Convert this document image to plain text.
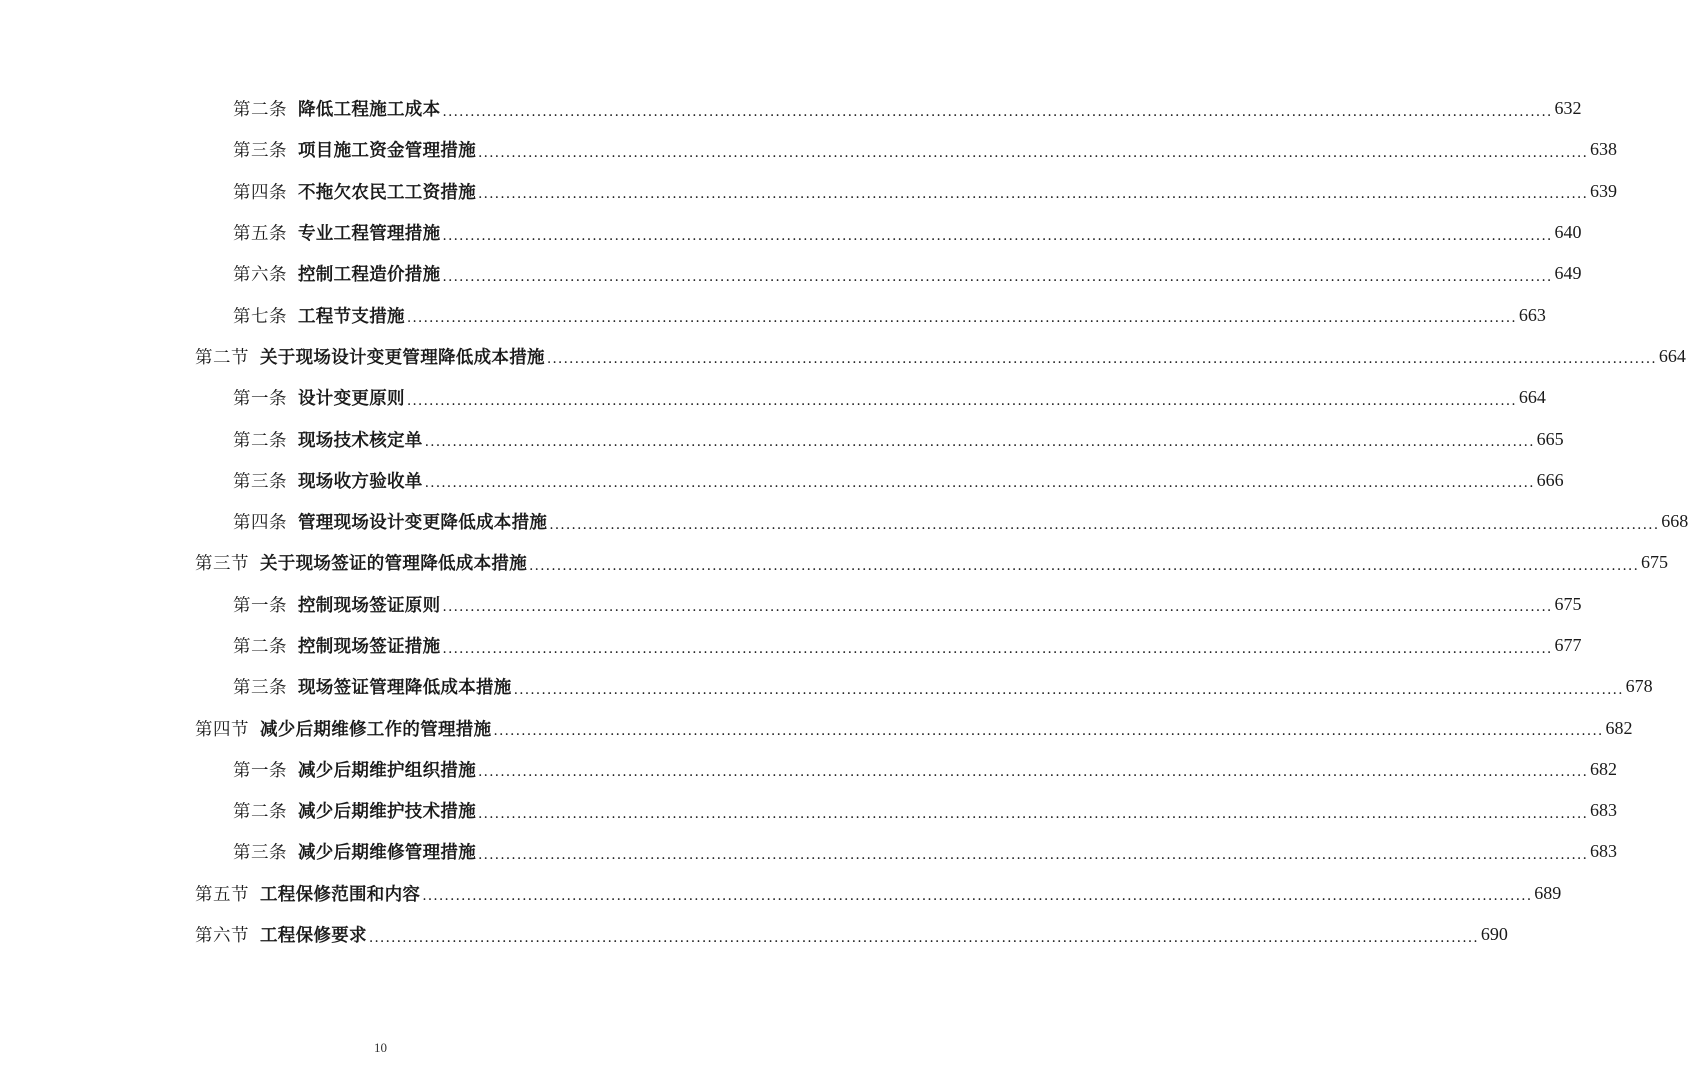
第二条 降低工程施工成本 ........................................................................................................................................................................................................ 632
第三条 项目施工资金管理措施 ........................................................................................................................................................................................................ 638
第四条 不拖欠农民工工资措施 ........................................................................................................................................................................................................ 639
第五条 专业工程管理措施 ........................................................................................................................................................................................................ 640
第六条 控制工程造价措施 ........................................................................................................................................................................................................ 649
第七条 工程节支措施 ........................................................................................................................................................................................................ 663
第二节 关于现场设计变更管理降低成本措施 ........................................................................................................................................................................................................ 664
第一条 设计变更原则 ........................................................................................................................................................................................................ 664
第二条 现场技术核定单 ........................................................................................................................................................................................................ 665
第三条 现场收方验收单 ........................................................................................................................................................................................................ 666
第四条 管理现场设计变更降低成本措施 ........................................................................................................................................................................................................ 668
第三节 关于现场签证的管理降低成本措施 ........................................................................................................................................................................................................ 675
第一条 控制现场签证原则 ........................................................................................................................................................................................................ 675
第二条 控制现场签证措施 ........................................................................................................................................................................................................ 677
第三条 现场签证管理降低成本措施 ........................................................................................................................................................................................................ 678
第四节 减少后期维修工作的管理措施 ........................................................................................................................................................................................................ 682
第一条 减少后期维护组织措施 ........................................................................................................................................................................................................ 682
第二条 减少后期维护技术措施 ........................................................................................................................................................................................................ 683
第三条 减少后期维修管理措施 ........................................................................................................................................................................................................ 683
第五节 工程保修范围和内容 ........................................................................................................................................................................................................ 689
第六节 工程保修要求 ........................................................................................................................................................................................................ 690
10
